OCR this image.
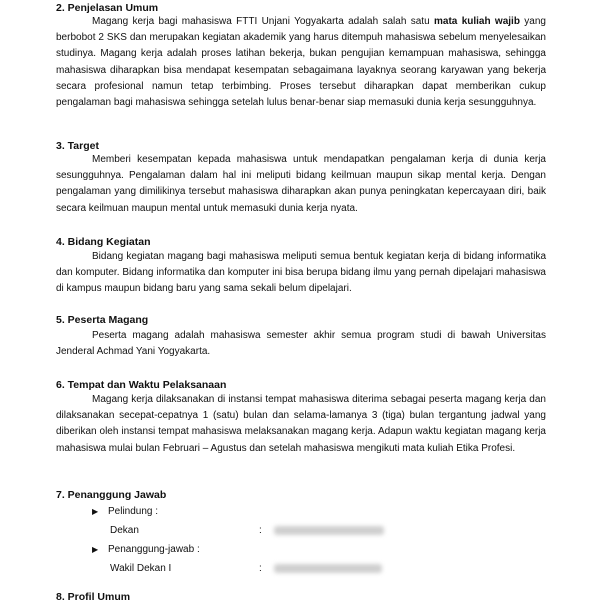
2. Penjelasan Umum

Magang kerja bagi mahasiswa FTTI Unjani Yogyakarta adalah salah satu mata kuliah wajib yang berbobot 2 SKS dan merupakan kegiatan akademik yang harus ditempuh mahasiswa sebelum menyelesaikan studinya. Magang kerja adalah proses latihan bekerja, bukan pengujian kemampuan mahasiswa, sehingga mahasiswa diharapkan bisa mendapat kesempatan sebagaimana layaknya seorang karyawan yang bekerja secara profesional namun tetap terbimbing. Proses tersebut diharapkan dapat memberikan cukup pengalaman bagi mahasiswa sehingga setelah lulus benar-benar siap memasuki dunia kerja sesungguhnya.

3. Target

Memberi kesempatan kepada mahasiswa untuk mendapatkan pengalaman kerja di dunia kerja sesungguhnya. Pengalaman dalam hal ini meliputi bidang keilmuan maupun sikap mental kerja. Dengan pengalaman yang dimilikinya tersebut mahasiswa diharapkan akan punya peningkatan kepercayaan diri, baik secara keilmuan maupun mental untuk memasuki dunia kerja nyata.

4. Bidang Kegiatan

Bidang kegiatan magang bagi mahasiswa meliputi semua bentuk kegiatan kerja di bidang informatika dan komputer. Bidang informatika dan komputer ini bisa berupa bidang ilmu yang pernah dipelajari mahasiswa di kampus maupun bidang baru yang sama sekali belum dipelajari.

5. Peserta Magang

Peserta magang adalah mahasiswa semester akhir semua program studi di bawah Universitas Jenderal Achmad Yani Yogyakarta.

6. Tempat dan Waktu Pelaksanaan

Magang kerja dilaksanakan di instansi tempat mahasiswa diterima sebagai peserta magang kerja dan dilaksanakan secepat-cepatnya 1 (satu) bulan dan selama-lamanya 3 (tiga) bulan tergantung jadwal yang diberikan oleh instansi tempat mahasiswa melaksanakan magang kerja. Adapun waktu kegiatan magang kerja mahasiswa mulai bulan Februari – Agustus dan setelah mahasiswa mengikuti mata kuliah Etika Profesi.

7. Penanggung Jawab
▶ Pelindung :
Dekan	:
▶ Penanggung-jawab :
Wakil Dekan I	:
8. Profil Umum
